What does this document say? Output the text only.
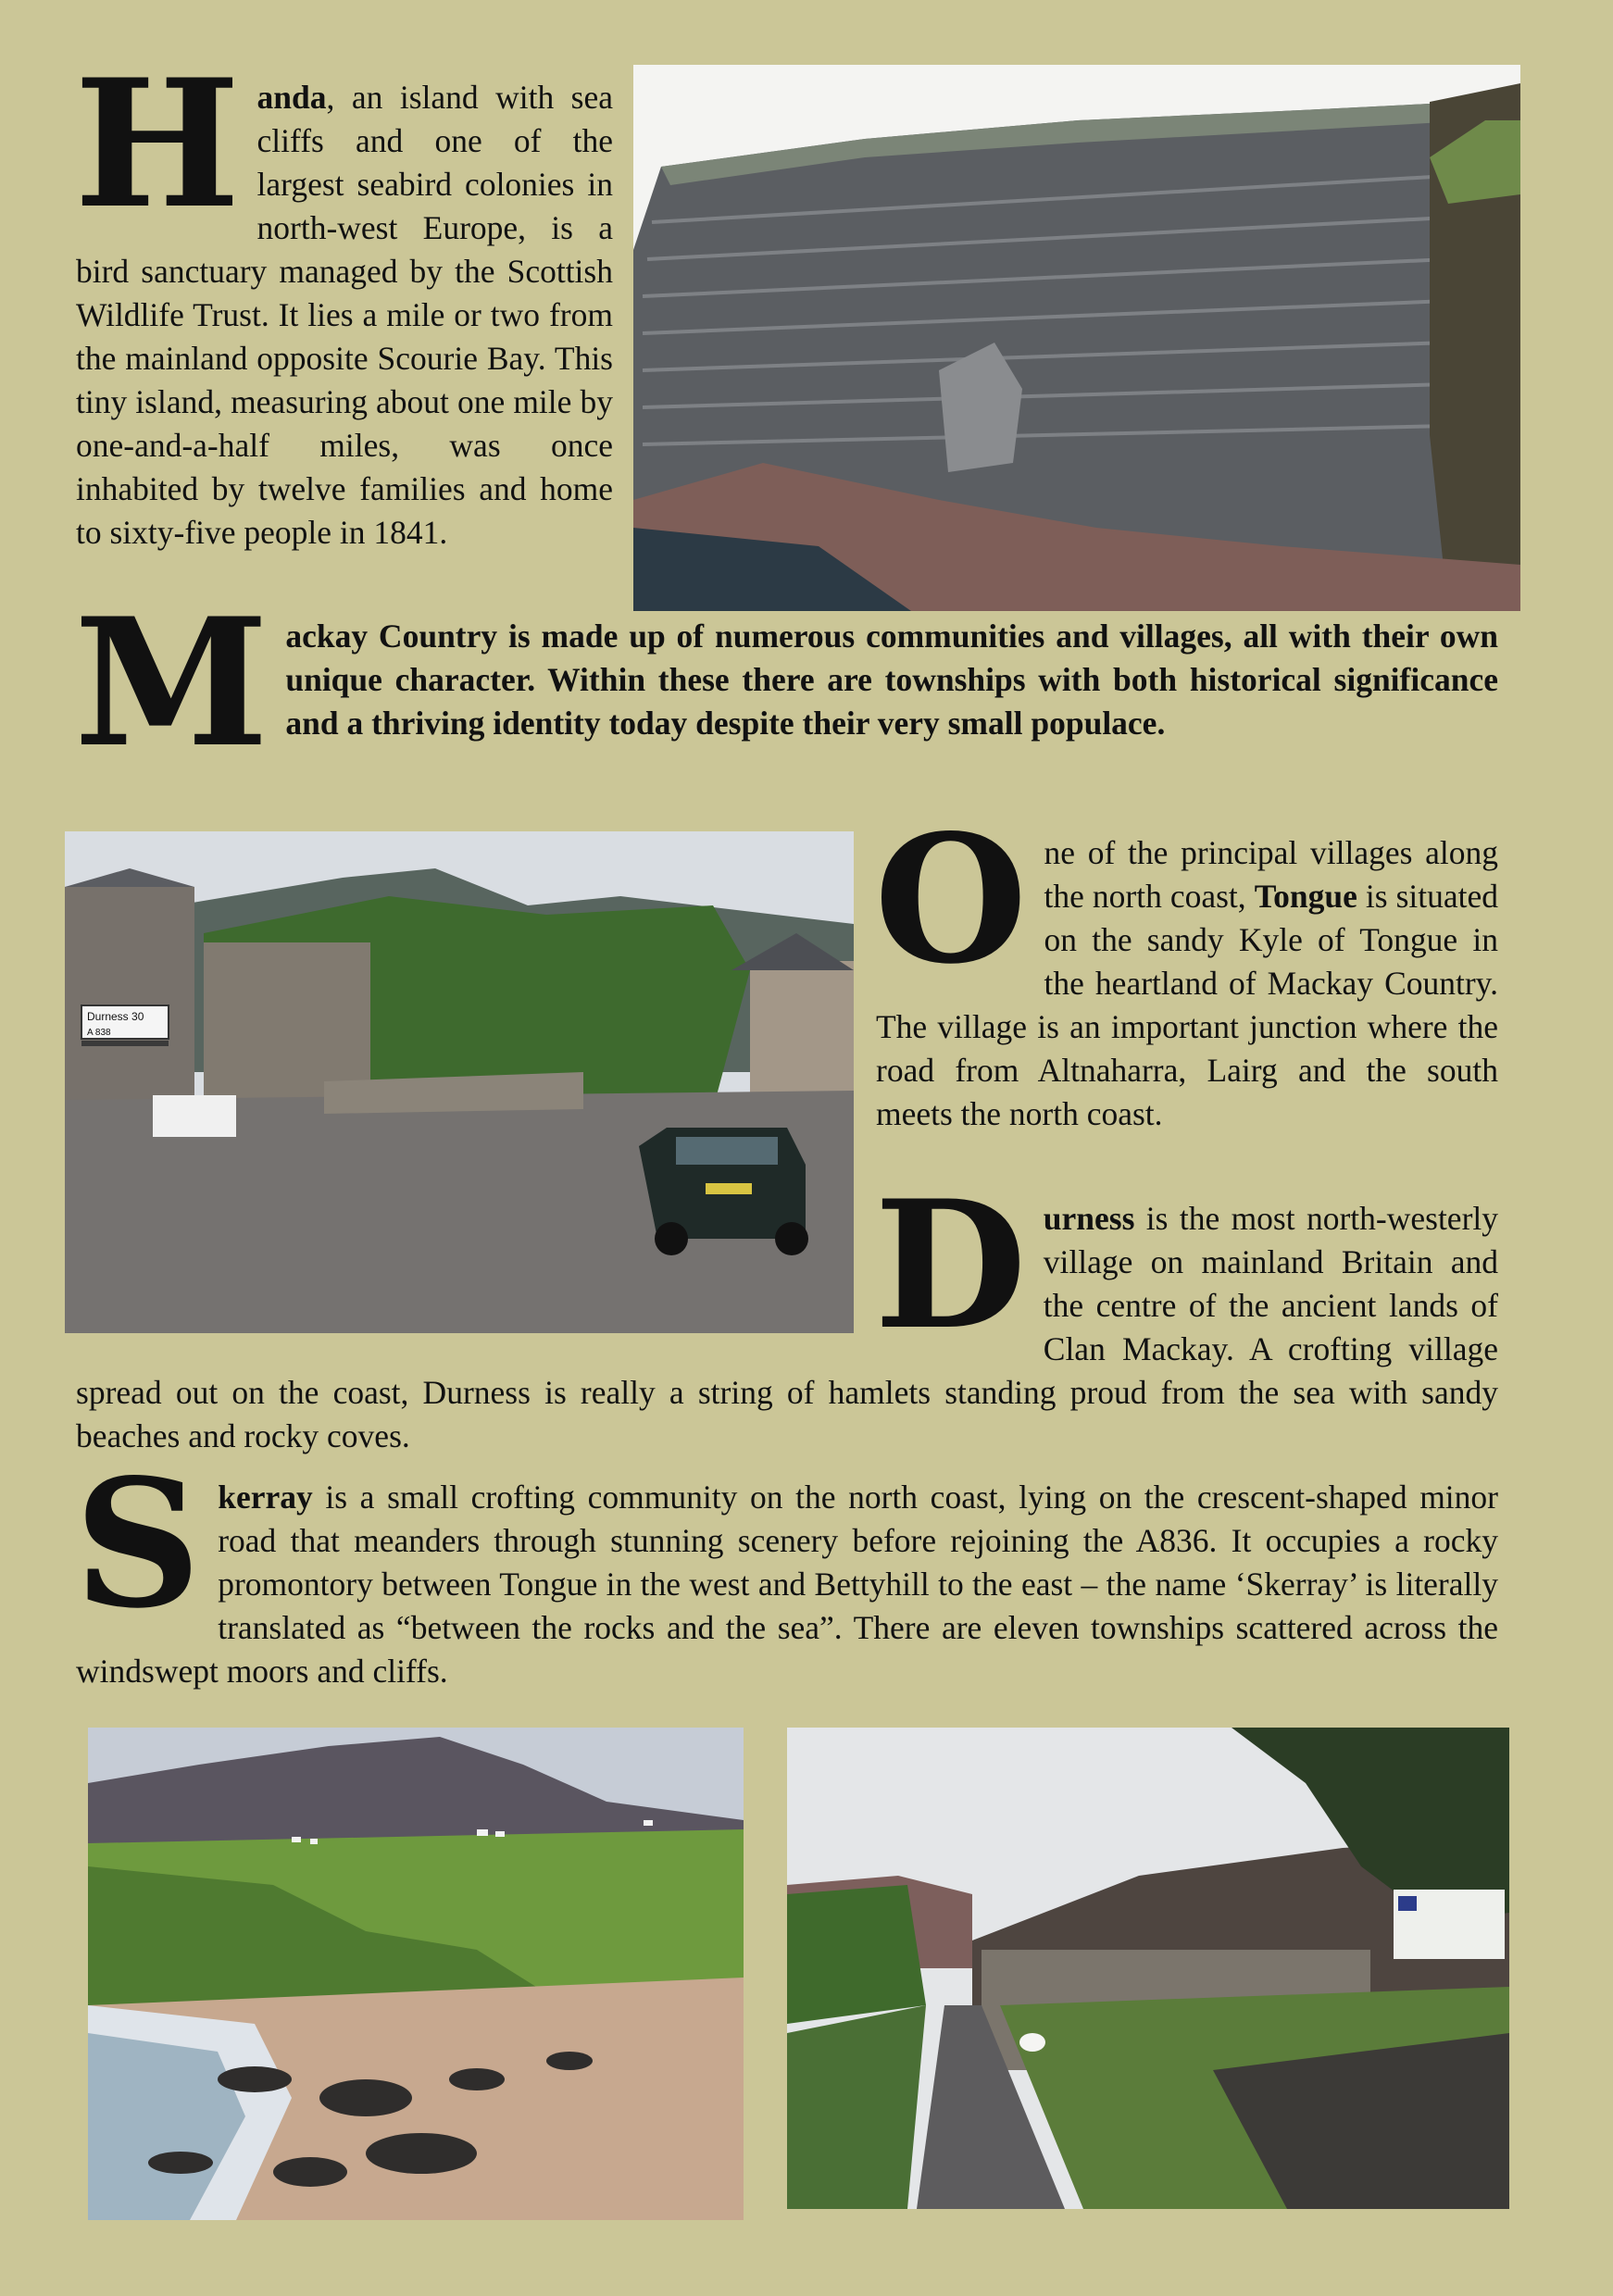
Handa, an island with sea cliffs and one of the largest seabird colonies in north-west Europe, is a bird sanctuary managed by the Scottish Wildlife Trust. It lies a mile or two from the mainland opposite Scourie Bay. This tiny island, measuring about one mile by one-and-a-half miles, was once inhabited by twelve families and home to sixty-five people in 1841.

Mackay Country is made up of numerous communities and villages, all with their own unique character. Within these there are townships with both historical significance and a thriving identity today despite their very small populace.

Durness 30
A 838

One of the principal villages along the north coast, Tongue is situated on the sandy Kyle of Tongue in the heartland of Mackay Country. The village is an important junction where the road from Altnaharra, Lairg and the south meets the north coast.

Durness is the most north-westerly village on mainland Britain and the centre of the ancient lands of Clan Mackay. A crofting village spread out on the coast, Durness is really a string of hamlets standing proud from the sea with sandy beaches and rocky coves.

Skerray is a small crofting community on the north coast, lying on the crescent-shaped minor road that meanders through stunning scenery before rejoining the A836. It occupies a rocky promontory between Tongue in the west and Bettyhill to the east – the name ‘Skerray’ is literally translated as “between the rocks and the sea”. There are eleven townships scattered across the windswept moors and cliffs.
